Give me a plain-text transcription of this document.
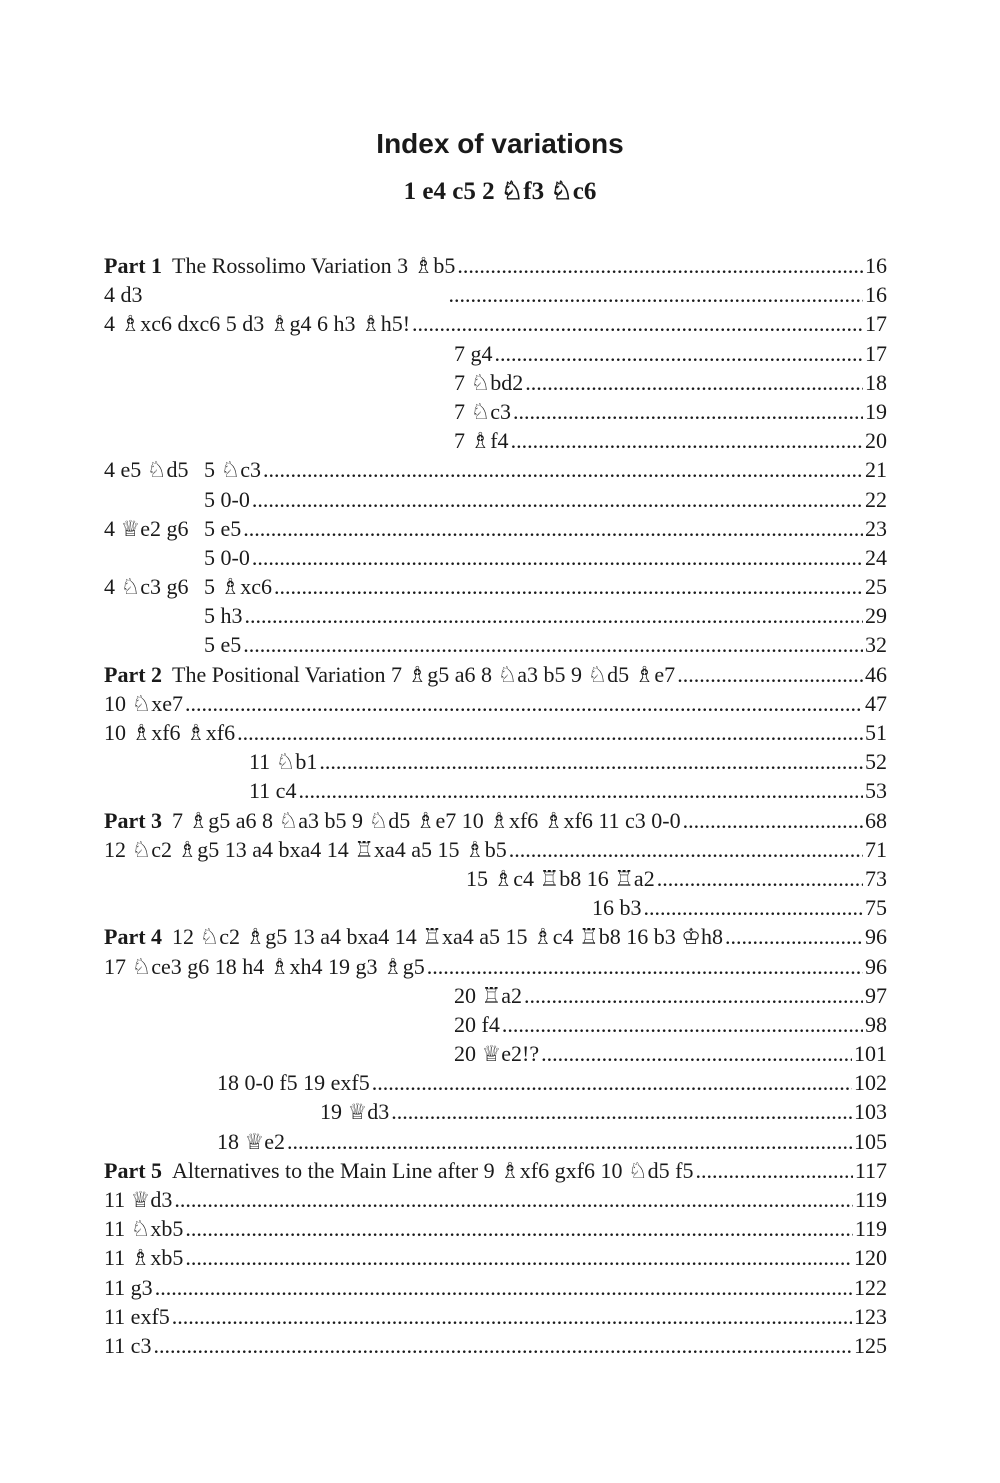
Index of variations
1 e4 c5 2 ♘f3 ♘c6
Part 1 The Rossolimo Variation 3 ♗b5 .....	16
4 d3 .....	16
4 ♗xc6 dxc6 5 d3 ♗g4 6 h3 ♗h5! .....	17
7 g4 .....	17
7 ♘bd2 .....	18
7 ♘c3 .....	19
7 ♗f4 .....	20
4 e5 ♘d5 5 ♘c3 .....	21
5 0-0 .....	22
4 ♕e2 g6 5 e5 .....	23
5 0-0 .....	24
4 ♘c3 g6 5 ♗xc6 .....	25
5 h3 .....	29
5 e5 .....	32
Part 2 The Positional Variation 7 ♗g5 a6 8 ♘a3 b5 9 ♘d5 ♗e7 .....	46
10 ♘xe7 .....	47
10 ♗xf6 ♗xf6 .....	51
11 ♘b1 .....	52
11 c4 .....	53
Part 3 7 ♗g5 a6 8 ♘a3 b5 9 ♘d5 ♗e7 10 ♗xf6 ♗xf6 11 c3 0-0 .....	68
12 ♘c2 ♗g5 13 a4 bxa4 14 ♖xa4 a5 15 ♗b5 .....	71
15 ♗c4 ♖b8 16 ♖a2 .....	73
16 b3 .....	75
Part 4 12 ♘c2 ♗g5 13 a4 bxa4 14 ♖xa4 a5 15 ♗c4 ♖b8 16 b3 ♔h8 .....	96
17 ♘ce3 g6 18 h4 ♗xh4 19 g3 ♗g5 .....	96
20 ♖a2 .....	97
20 f4 .....	98
20 ♕e2!? .....	101
18 0-0 f5 19 exf5 .....	102
19 ♕d3 .....	103
18 ♕e2 .....	105
Part 5 Alternatives to the Main Line after 9 ♗xf6 gxf6 10 ♘d5 f5 .....	117
11 ♕d3 .....	119
11 ♘xb5 .....	119
11 ♗xb5 .....	120
11 g3 .....	122
11 exf5 .....	123
11 c3 .....	125
